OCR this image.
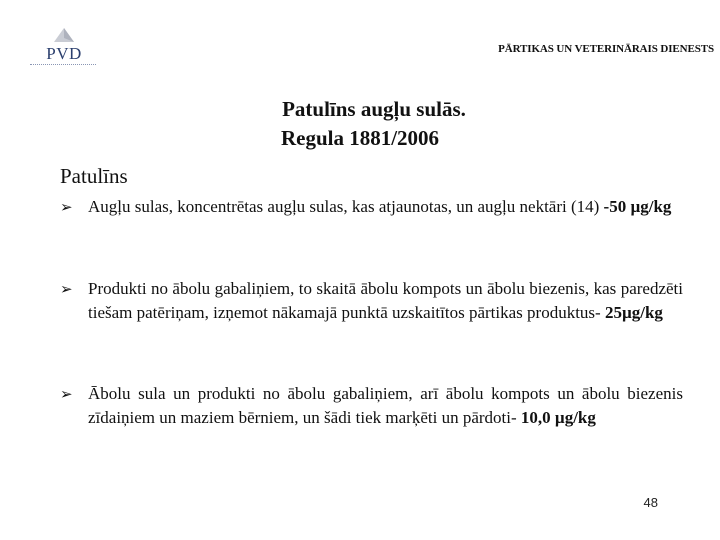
PVD	PĀRTIKAS UN VETERINĀRAIS DIENESTS
Patulīns augļu sulās.
Regula 1881/2006
Patulīns

➢ Augļu sulas, koncentrētas augļu sulas, kas atjaunotas, un augļu nektāri (14) -50 µg/kg

➢ Produkti no ābolu gabaliņiem, to skaitā ābolu kompots un ābolu biezenis, kas paredzēti tiešam patēriņam, izņemot nākamajā punktā uzskaitītos pārtikas produktus- 25µg/kg

➢ Ābolu sula un produkti no ābolu gabaliņiem, arī ābolu kompots un ābolu biezenis zīdaiņiem un maziem bērniem, un šādi tiek marķēti un pārdoti- 10,0 µg/kg

48
